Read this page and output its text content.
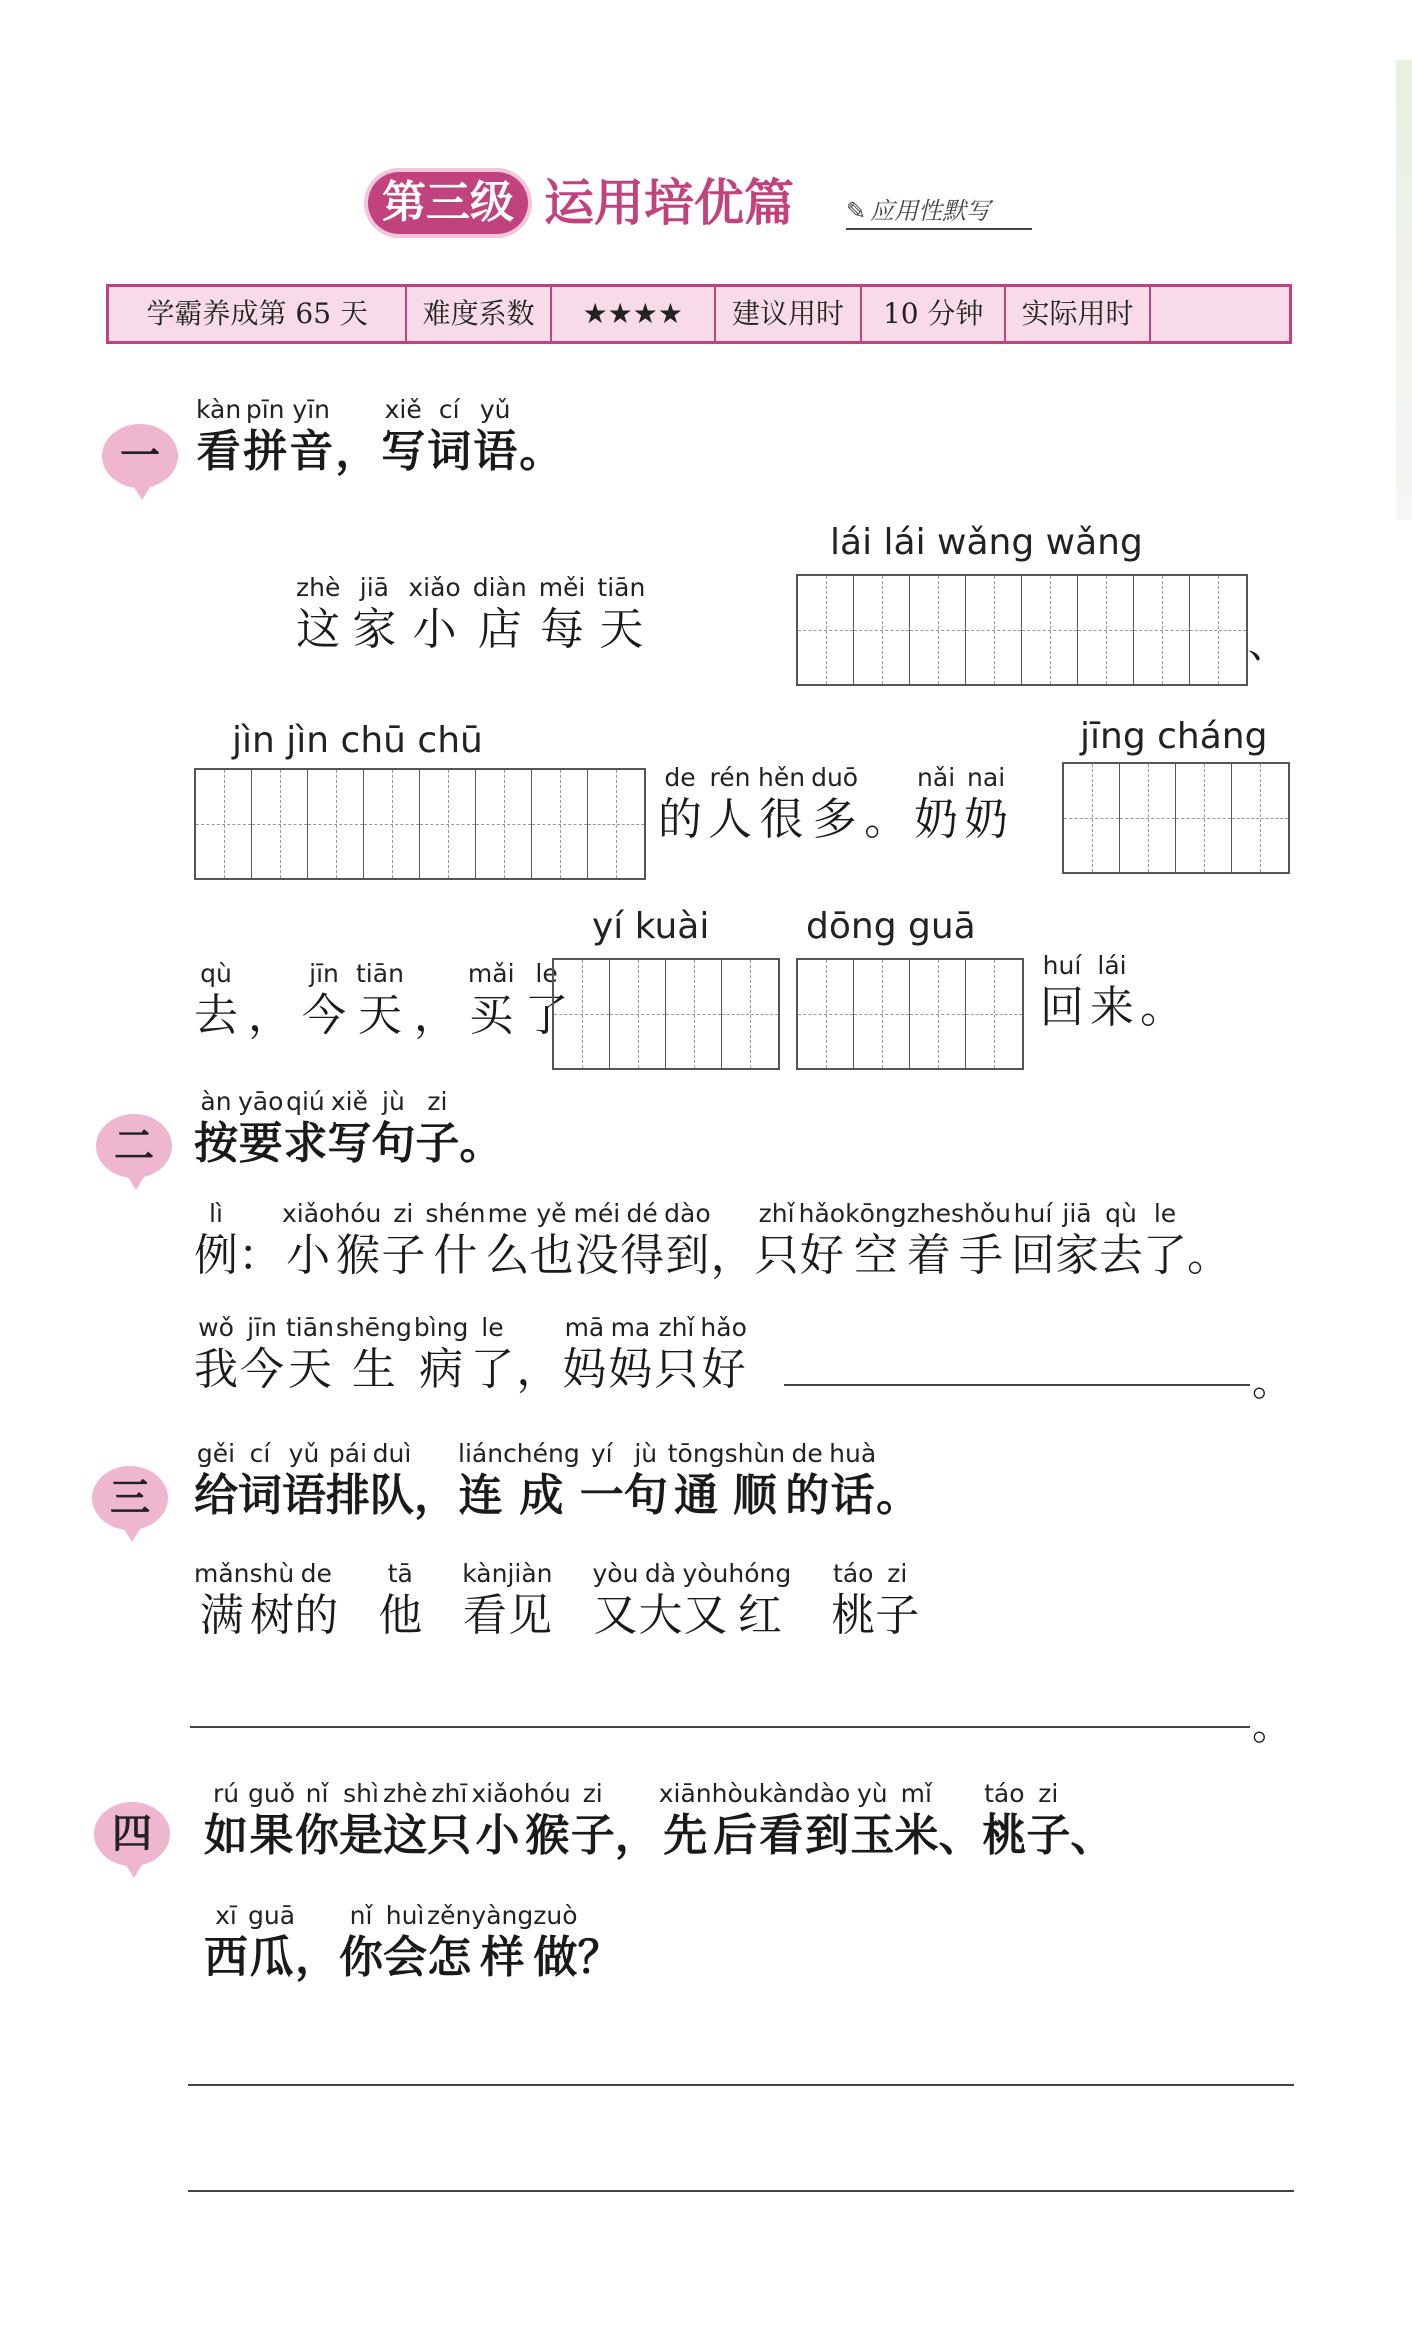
第三级 运用培优篇 ✎ 应用性默写
学霸养成第 65 天	难度系数	★★★★	建议用时	10 分钟	实际用时
一
kàn
看
pīn
拼
yīn
音 ，
xiě
写
cí
词
yǔ
语 。
zhè
这
jiā
家
xiǎo
小
diàn
店
měi
每
tiān
天
lái lái wǎng wǎng
、
jìn jìn chū chū
de
的
rén
人
hěn
很
duō
多 。
nǎi
奶
nai
奶
jīng cháng
qù
去 ，
jīn
今
tiān
天 ，
mǎi
买
le
了
yí kuài	dōng guā
huí
回
lái
来 。
二
àn
按
yāo
要
qiú
求
xiě
写
jù
句
zi
子 。
lì
例 ：
xiǎo
小
hóu
猴
zi
子
shén
什
me
么
yě
也
méi
没
dé
得
dào
到 ，
zhǐ
只
hǎo
好
kōng
空
zhe
着
shǒu
手
huí
回
jiā
家
qù
去
le
了 。
wǒ
我
jīn
今
tiān
天
shēng
生
bìng
病
le
了 ，
mā
妈
ma
妈
zhǐ
只
hǎo
好	。
三
gěi
给
cí
词
yǔ
语
pái
排
duì
队 ，
lián
连
chéng
成
yí
一
jù
句
tōng
通
shùn
顺
de
的
huà
话 。
mǎn
满
shù
树
de
的
tā
他
kàn
看
jiàn
见
yòu
又
dà
大
yòu
又
hóng
红
táo
桃
zi
子
。
四
rú
如
guǒ
果
nǐ
你
shì
是
zhè
这
zhī
只
xiǎo
小
hóu
猴
zi
子 ，
xiān
先
hòu
后
kàn
看
dào
到
yù
玉
mǐ
米 、
táo
桃
zi
子 、
xī
西
guā
瓜 ，
nǐ
你
huì
会
zěn
怎
yàng
样
zuò
做 ？
